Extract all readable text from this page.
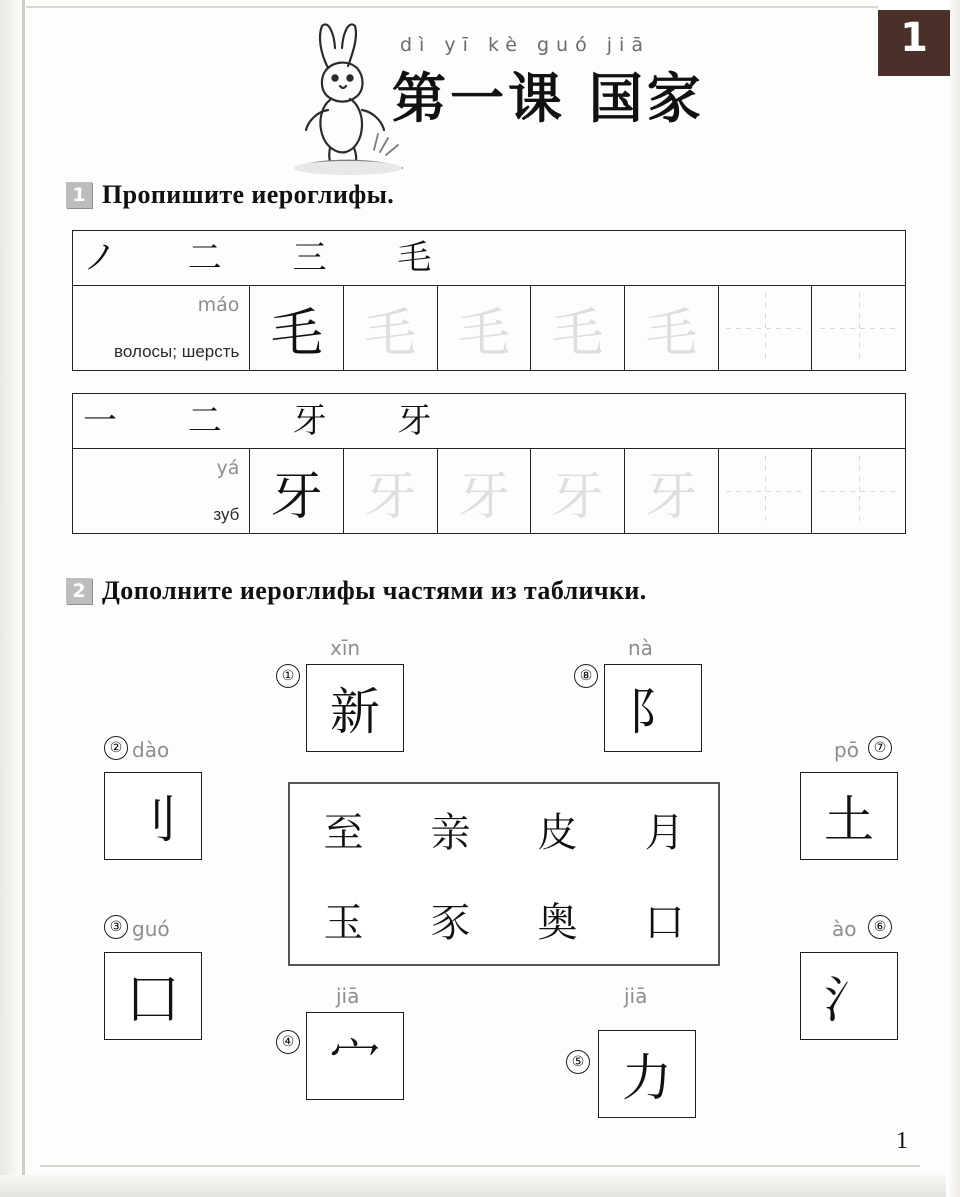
1
dì yī kè guó jiā
第一课 国家
1 Пропишите иероглифы.
ノ 二 三 毛

máo
волосы; шерсть	毛	毛	毛	毛	毛	

一 二 牙 牙

yá
зуб	牙	牙	牙	牙	牙	

2 Дополните иероглифы частями из таблички.
xīn
①
新
nà
⑧
阝
② dào
刂
pō	⑦
土
③ guó
囗
ào	⑥
氵
jiā
④ 宀
jiā
⑤ 力
至 亲 皮 月
玉 豕 奥 口
1
